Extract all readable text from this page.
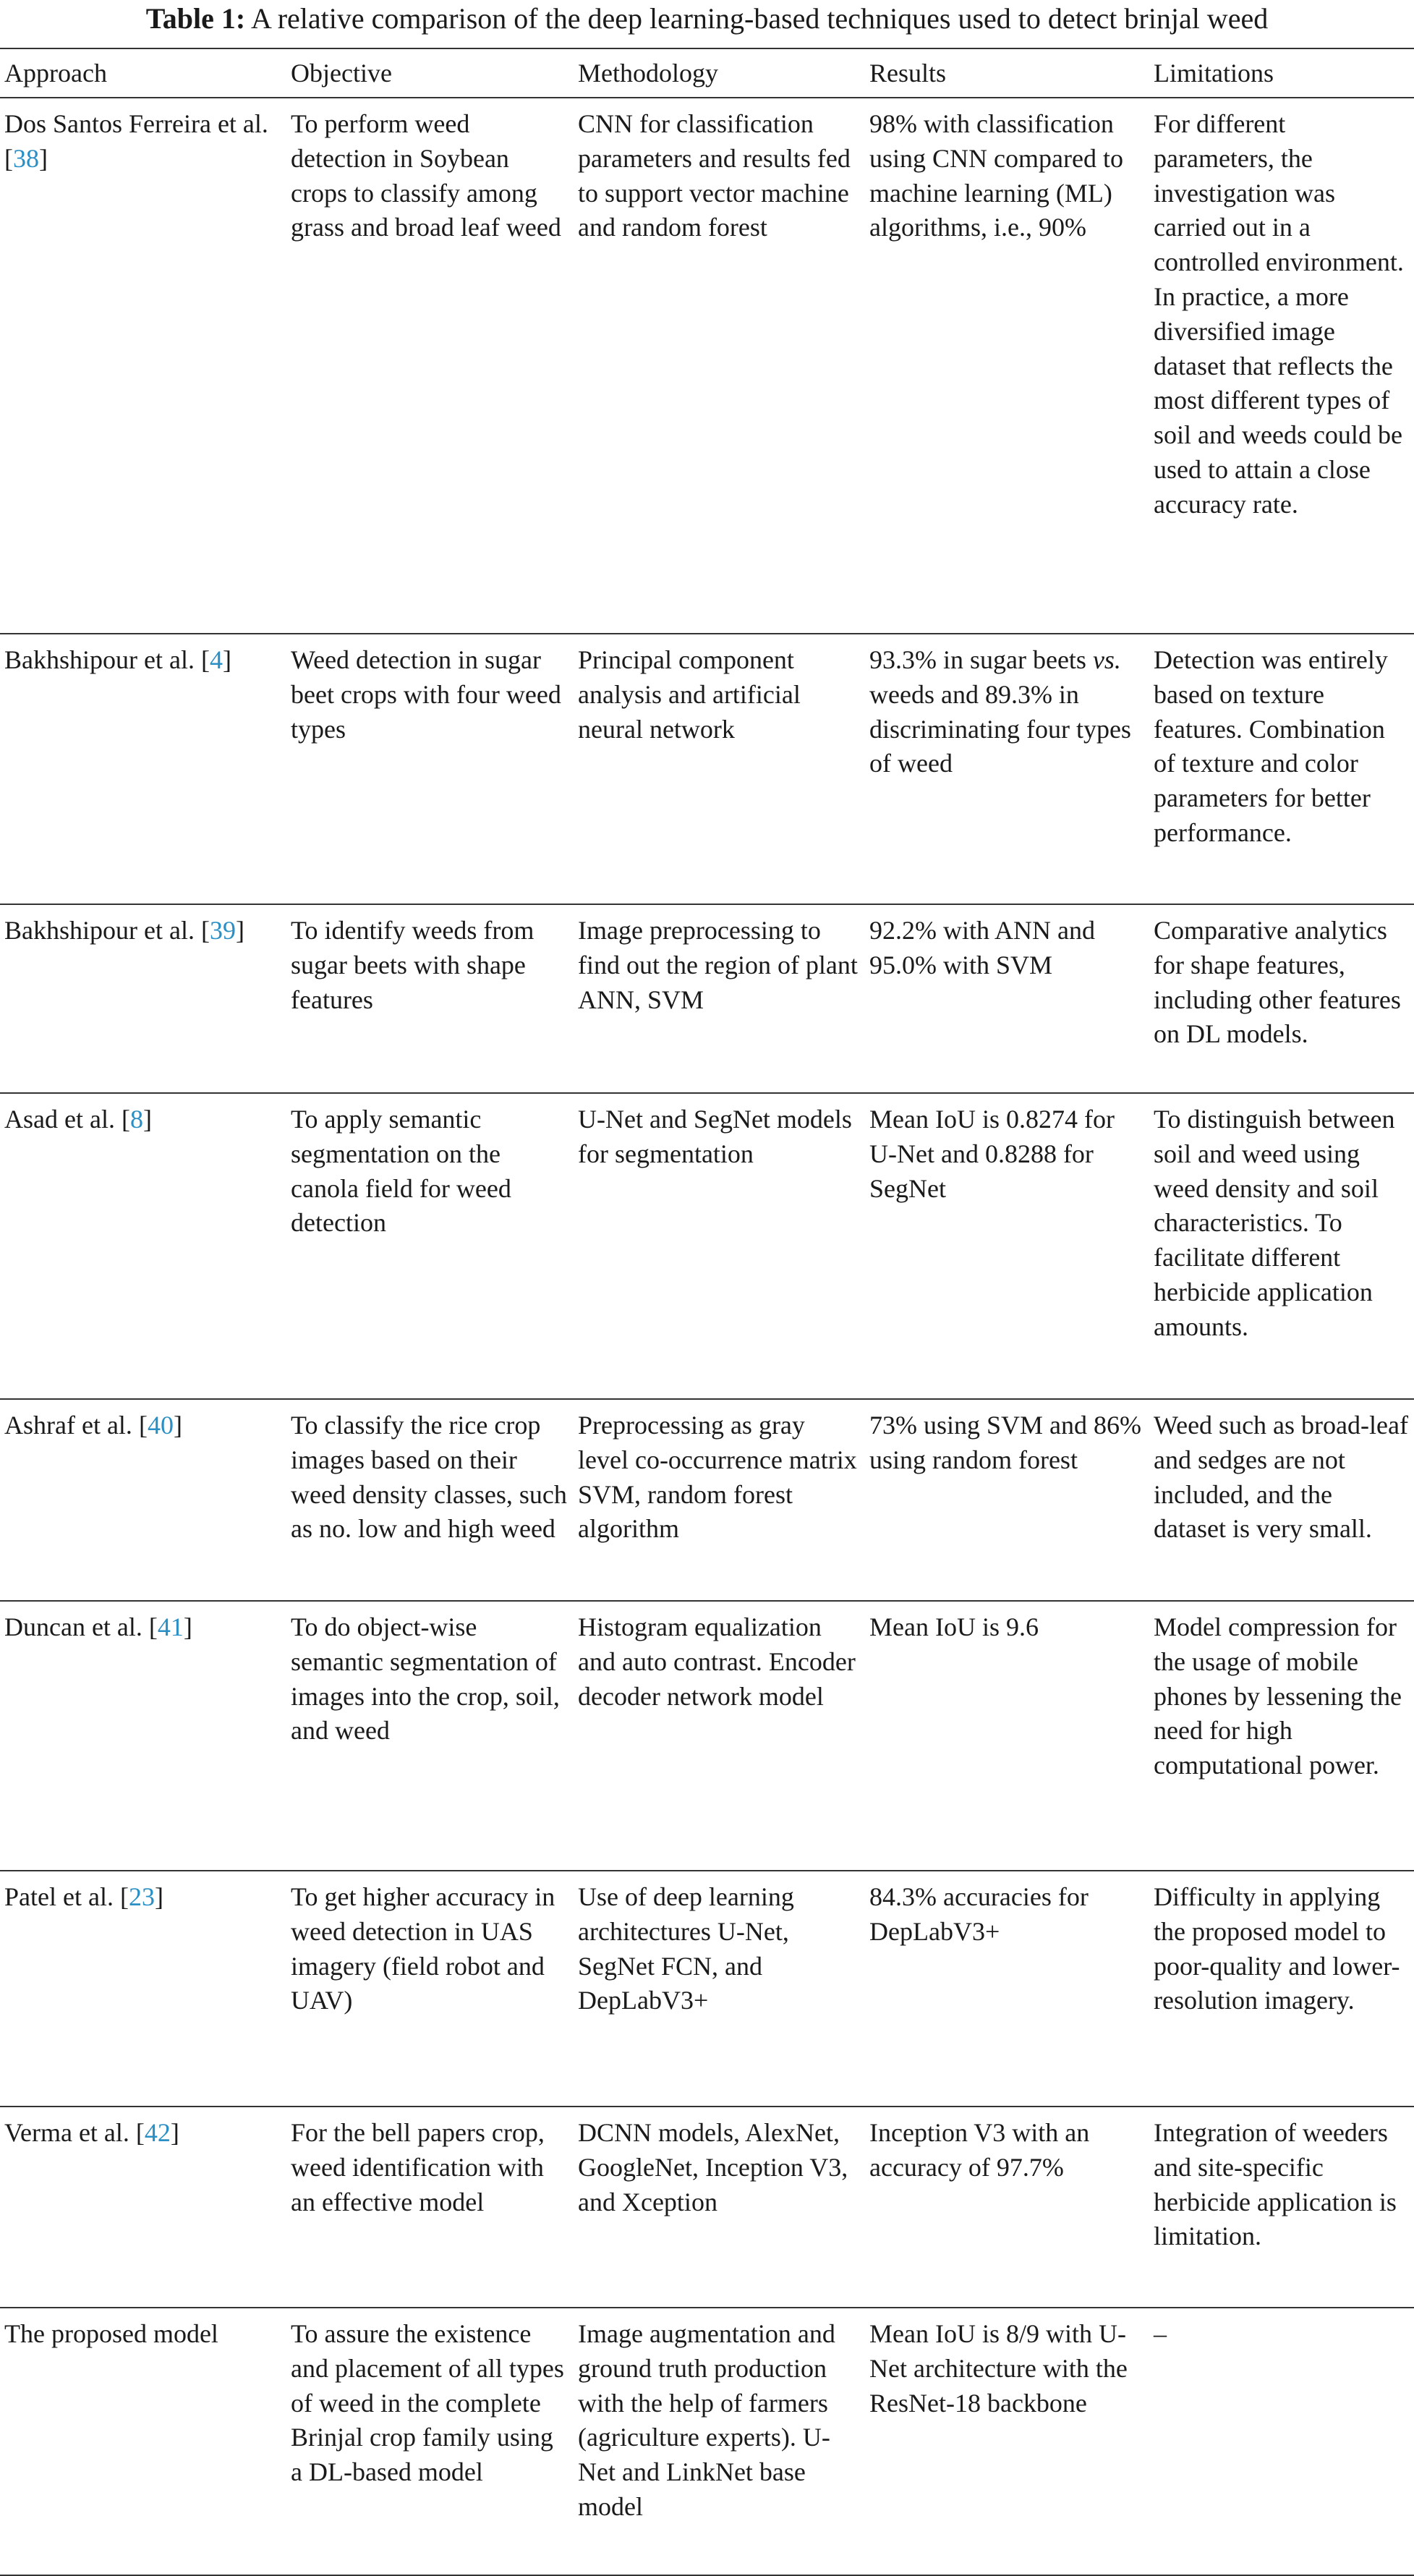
Table 1: A relative comparison of the deep learning-based techniques used to detect brinjal weed
Approach	Objective	Methodology	Results	Limitations
Dos Santos Ferreira et al. [38]	To perform weed detection in Soybean crops to classify among grass and broad leaf weed	CNN for classification parameters and results fed to support vector machine and random forest	98% with classification using CNN compared to machine learning (ML) algorithms, i.e., 90%	For different parameters, the investigation was carried out in a controlled environment. In practice, a more diversified image dataset that reflects the most different types of soil and weeds could be used to attain a close accuracy rate.
Bakhshipour et al. [4]	Weed detection in sugar beet crops with four weed types	Principal component analysis and artificial neural network	93.3% in sugar beets vs. weeds and 89.3% in discriminating four types of weed	Detection was entirely based on texture features. Combination of texture and color parameters for better performance.
Bakhshipour et al. [39]	To identify weeds from sugar beets with shape features	Image preprocessing to find out the region of plant ANN, SVM	92.2% with ANN and 95.0% with SVM	Comparative analytics for shape features, including other features on DL models.
Asad et al. [8]	To apply semantic segmentation on the canola field for weed detection	U-Net and SegNet models for segmentation	Mean IoU is 0.8274 for U-Net and 0.8288 for SegNet	To distinguish between soil and weed using weed density and soil characteristics. To facilitate different herbicide application amounts.
Ashraf et al. [40]	To classify the rice crop images based on their weed density classes, such as no. low and high weed	Preprocessing as gray level co-occurrence matrix SVM, random forest algorithm	73% using SVM and 86% using random forest	Weed such as broad-leaf and sedges are not included, and the dataset is very small.
Duncan et al. [41]	To do object-wise semantic segmentation of images into the crop, soil, and weed	Histogram equalization and auto contrast. Encoder decoder network model	Mean IoU is 9.6	Model compression for the usage of mobile phones by lessening the need for high computational power.
Patel et al. [23]	To get higher accuracy in weed detection in UAS imagery (field robot and UAV)	Use of deep learning architectures U-Net, SegNet FCN, and DepLabV3+	84.3% accuracies for DepLabV3+	Difficulty in applying the proposed model to poor-quality and lower-resolution imagery.
Verma et al. [42]	For the bell papers crop, weed identification with an effective model	DCNN models, AlexNet, GoogleNet, Inception V3, and Xception	Inception V3 with an accuracy of 97.7%	Integration of weeders and site-specific herbicide application is limitation.
The proposed model	To assure the existence and placement of all types of weed in the complete Brinjal crop family using a DL-based model	Image augmentation and ground truth production with the help of farmers (agriculture experts). U-Net and LinkNet base model	Mean IoU is 8/9 with U-Net architecture with the ResNet-18 backbone	–
